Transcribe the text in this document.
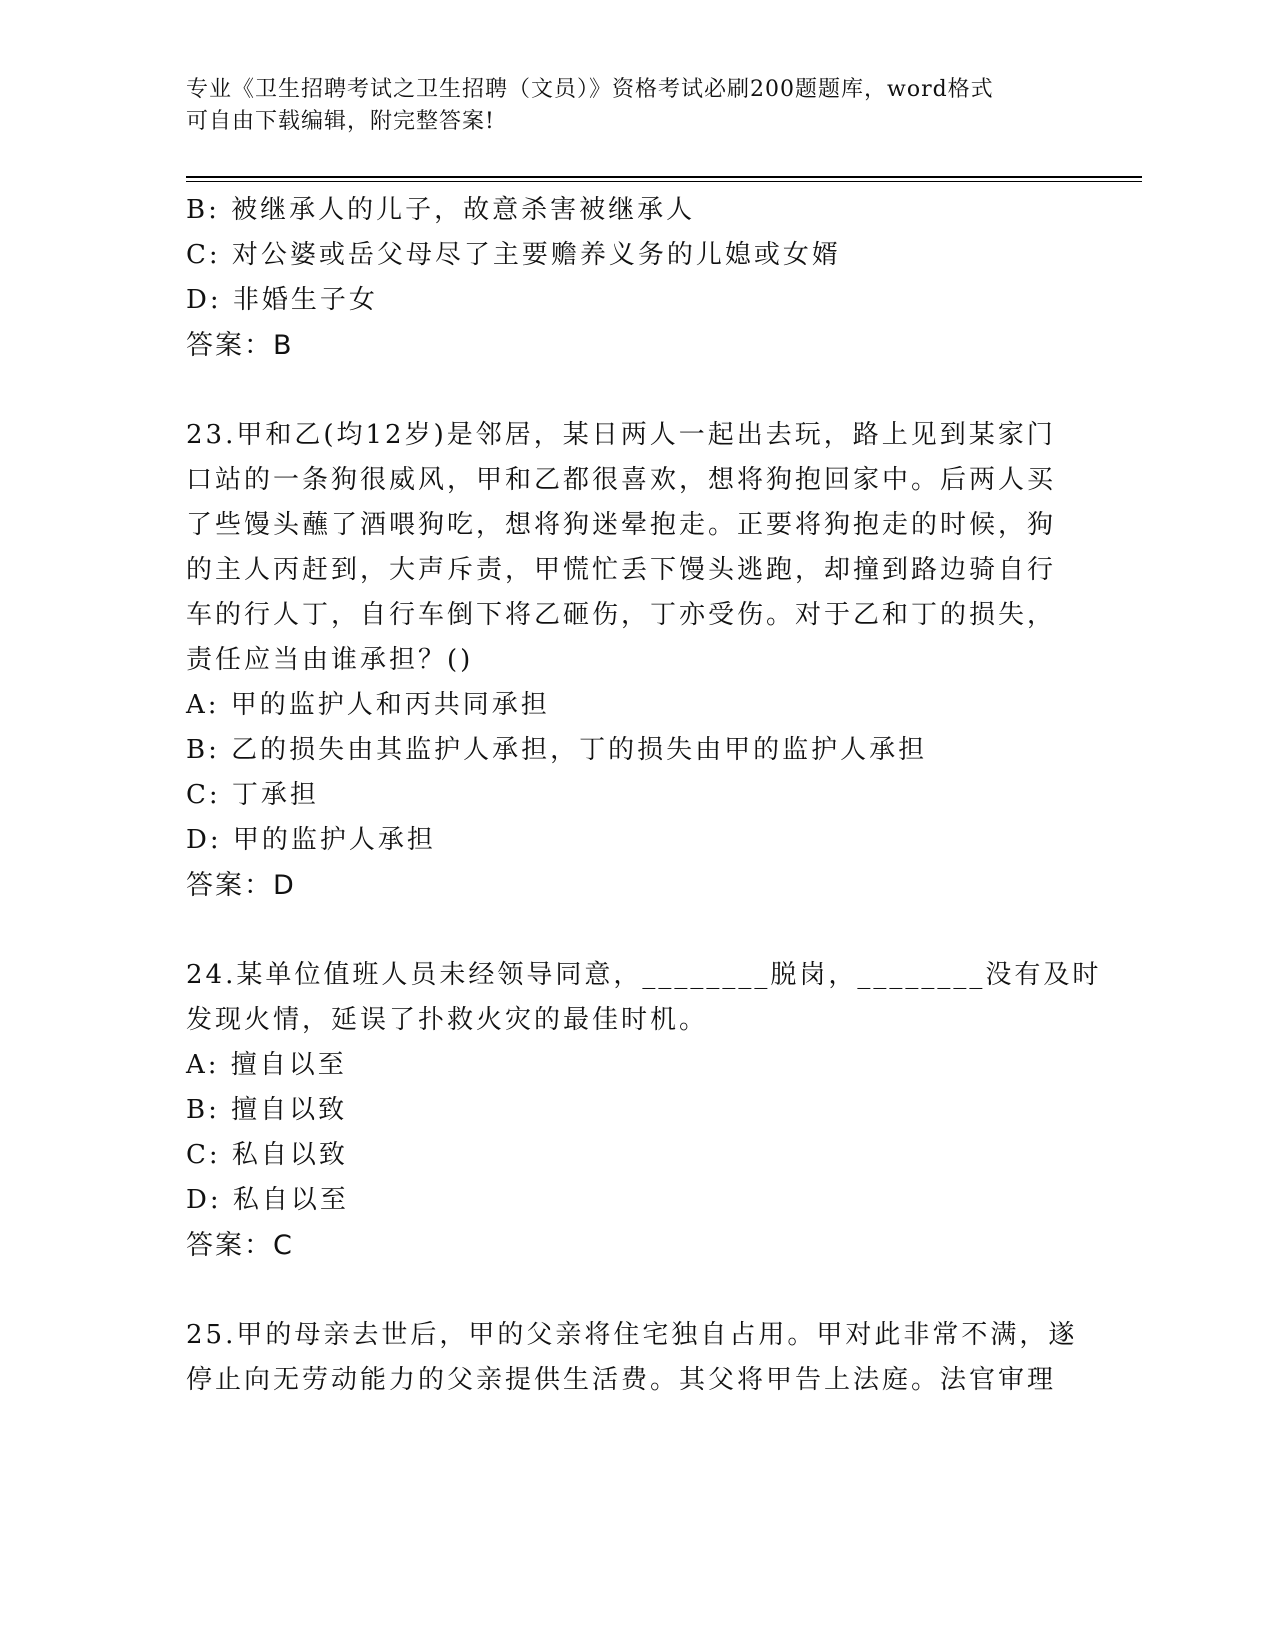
专业《卫生招聘考试之卫生招聘（文员）》资格考试必刷200题题库，word格式
可自由下载编辑，附完整答案!
B: 被继承人的儿子，故意杀害被继承人
C: 对公婆或岳父母尽了主要赡养义务的儿媳或女婿
D: 非婚生子女
答案：B
23.甲和乙(均12岁)是邻居，某日两人一起出去玩，路上见到某家门
口站的一条狗很威风，甲和乙都很喜欢，想将狗抱回家中。后两人买
了些馒头蘸了酒喂狗吃，想将狗迷晕抱走。正要将狗抱走的时候，狗
的主人丙赶到，大声斥责，甲慌忙丢下馒头逃跑，却撞到路边骑自行
车的行人丁，自行车倒下将乙砸伤，丁亦受伤。对于乙和丁的损失，
责任应当由谁承担？()
A: 甲的监护人和丙共同承担
B: 乙的损失由其监护人承担，丁的损失由甲的监护人承担
C: 丁承担
D: 甲的监护人承担
答案：D
24.某单位值班人员未经领导同意，________脱岗，________没有及时
发现火情，延误了扑救火灾的最佳时机。
A: 擅自以至
B: 擅自以致
C: 私自以致
D: 私自以至
答案：C
25.甲的母亲去世后，甲的父亲将住宅独自占用。甲对此非常不满，遂
停止向无劳动能力的父亲提供生活费。其父将甲告上法庭。法官审理
